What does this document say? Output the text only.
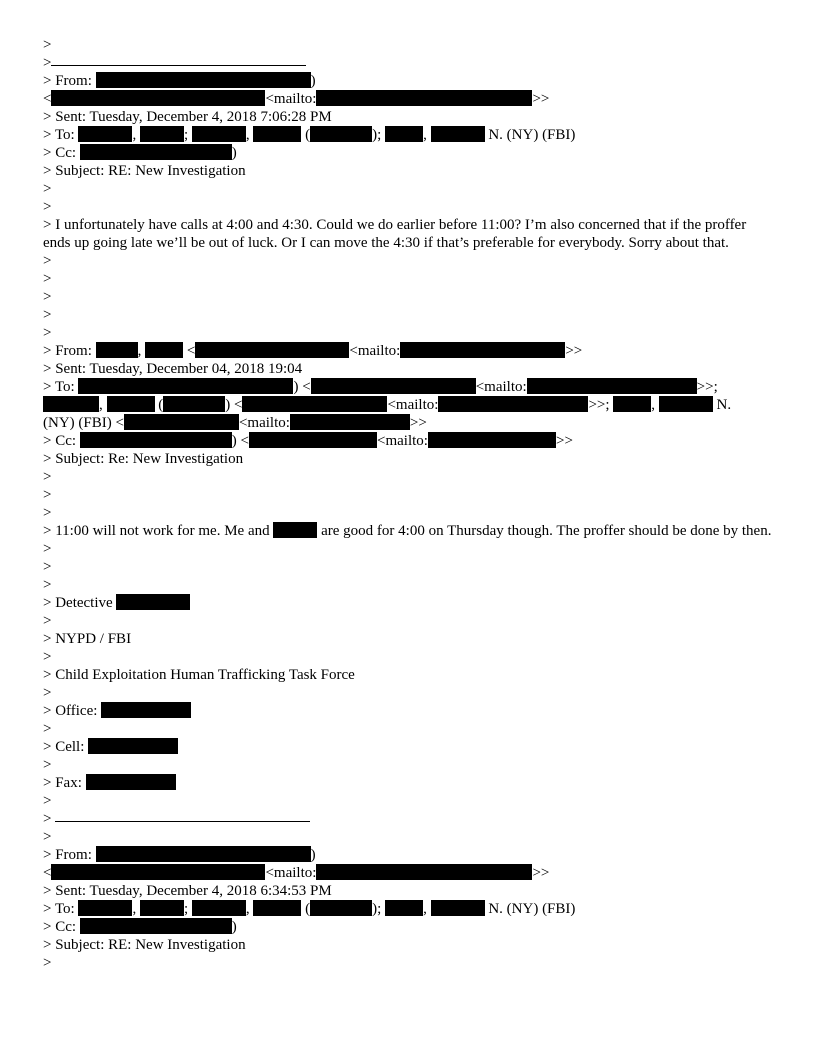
>
>
> From:	)
<	<mailto:	>>
> Sent: Tuesday, December 4, 2018 7:06:28 PM
> To:	,	;	,	(	);	,	N. (NY) (FBI)
> Cc:	)
> Subject: RE: New Investigation
>
>
> I unfortunately have calls at 4:00 and 4:30. Could we do earlier before 11:00? I’m also concerned that if the proffer ends up going late we’ll be out of luck. Or I can move the 4:30 if that’s preferable for everybody. Sorry about that.
>
>
>
>
>
> From:	,	<	<mailto:	>>
> Sent: Tuesday, December 04, 2018 19:04
> To:	) <	<mailto:	>>;
,	(	) <	<mailto:	>>;	,	N.
(NY) (FBI) <	<mailto:	>>
> Cc:	) <	<mailto:	>>
> Subject: Re: New Investigation
>
>
>
> 11:00 will not work for me. Me and	are good for 4:00 on Thursday though. The proffer should be done by then.
>
>
>
> Detective
>
> NYPD / FBI
>
> Child Exploitation Human Trafficking Task Force
>
> Office:
>
> Cell:
>
> Fax:
>
>
>
> From:	)
<	<mailto:	>>
> Sent: Tuesday, December 4, 2018 6:34:53 PM
> To:	,	;	,	(	);	,	N. (NY) (FBI)
> Cc:	)
> Subject: RE: New Investigation
>
